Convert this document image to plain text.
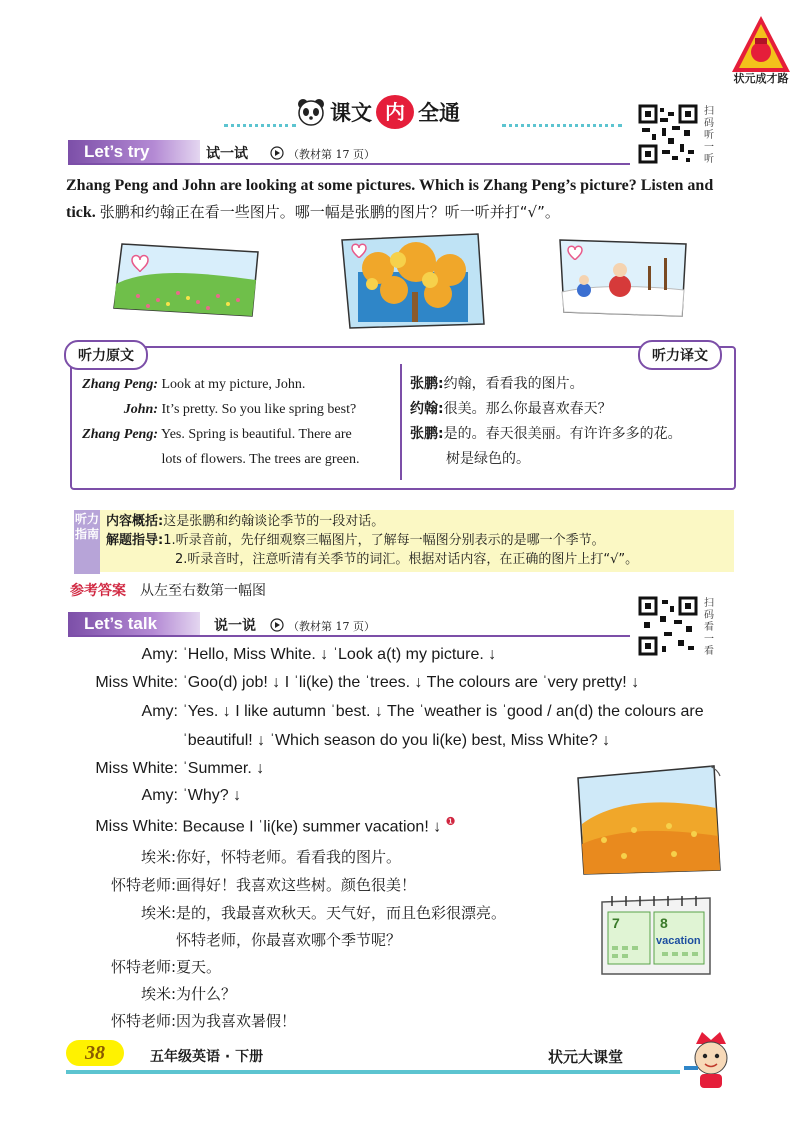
状元成才路
课文 内容
全通	扫码听一听
Let’s try	试一试	（教材第 17 页）
Zhang Peng and John are looking at some pictures. Which is Zhang Peng’s picture? Listen and tick. 张鹏和约翰正在看一些图片。哪一幅是张鹏的图片？听一听并打“√”。
听力原文	听力译文
Zhang Peng: Look at my picture, John.
John: It’s pretty. So you like spring best?
Zhang Peng: Yes. Spring is beautiful. There are
lots of flowers. The trees are green.
张鹏:约翰，看看我的图片。
约翰:很美。那么你最喜欢春天？
张鹏:是的。春天很美丽。有许许多多的花。
树是绿色的。
听力指南
内容概括:这是张鹏和约翰谈论季节的一段对话。
解题指导:1.听录音前，先仔细观察三幅图片，了解每一幅图分别表示的是哪一个季节。
2.听录音时，注意听清有关季节的词汇。根据对话内容，在正确的图片上打“√”。
参考答案 从左至右数第一幅图
Let’s talk	说一说	（教材第 17 页）
扫码看一看
Amy: ˈHello, Miss White. ↓ ˈLook a(t) my picture. ↓
Miss White: ˈGoo(d) job! ↓ I ˈli(ke) the ˈtrees. ↓ The colours are ˈvery pretty! ↓
Amy: ˈYes. ↓ I like autumn ˈbest. ↓ The ˈweather is ˈgood / an(d) the colours are
ˈbeautiful! ↓ ˈWhich season do you li(ke) best, Miss White? ↓
Miss White: ˈSummer. ↓
Amy: ˈWhy? ↓
Miss White: Because I ˈli(ke) summer vacation! ↓ $^❶$
埃米:你好，怀特老师。看看我的图片。
怀特老师:画得好！我喜欢这些树。颜色很美！
埃米:是的，我最喜欢秋天。天气好，而且色彩很漂亮。
怀特老师，你最喜欢哪个季节呢？
怀特老师:夏天。
埃米:为什么？
怀特老师:因为我喜欢暑假！
7	8
vacation
38	五年级英语 · 下册	状元大课堂
